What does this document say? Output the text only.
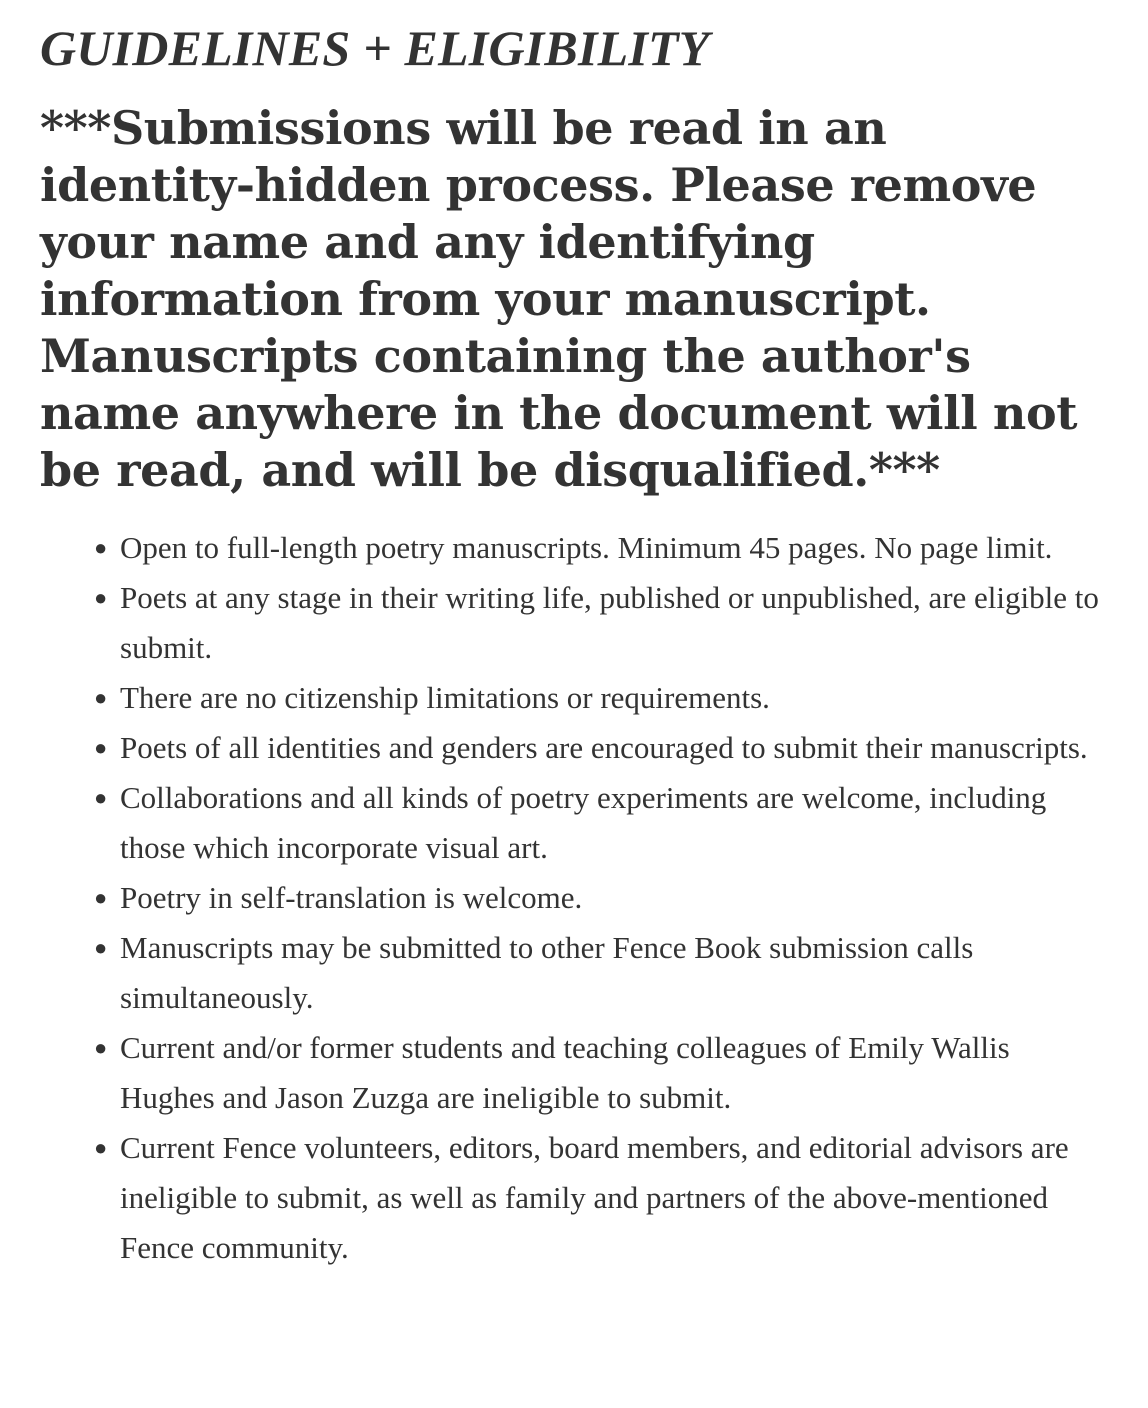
GUIDELINES + ELIGIBILITY
***Submissions will be read in an identity-hidden process. Please remove your name and any identifying information from your manuscript. Manuscripts containing the author's name anywhere in the document will not be read, and will be disqualified.***
● Open to full-length poetry manuscripts. Minimum 45 pages. No page limit.
● Poets at any stage in their writing life, published or unpublished, are eligible to submit.
● There are no citizenship limitations or requirements.
● Poets of all identities and genders are encouraged to submit their manuscripts.
● Collaborations and all kinds of poetry experiments are welcome, including those which incorporate visual art.
● Poetry in self-translation is welcome.
● Manuscripts may be submitted to other Fence Book submission calls simultaneously.
● Current and/or former students and teaching colleagues of Emily Wallis Hughes and Jason Zuzga are ineligible to submit.
● Current Fence volunteers, editors, board members, and editorial advisors are ineligible to submit, as well as family and partners of the above-mentioned Fence community.
